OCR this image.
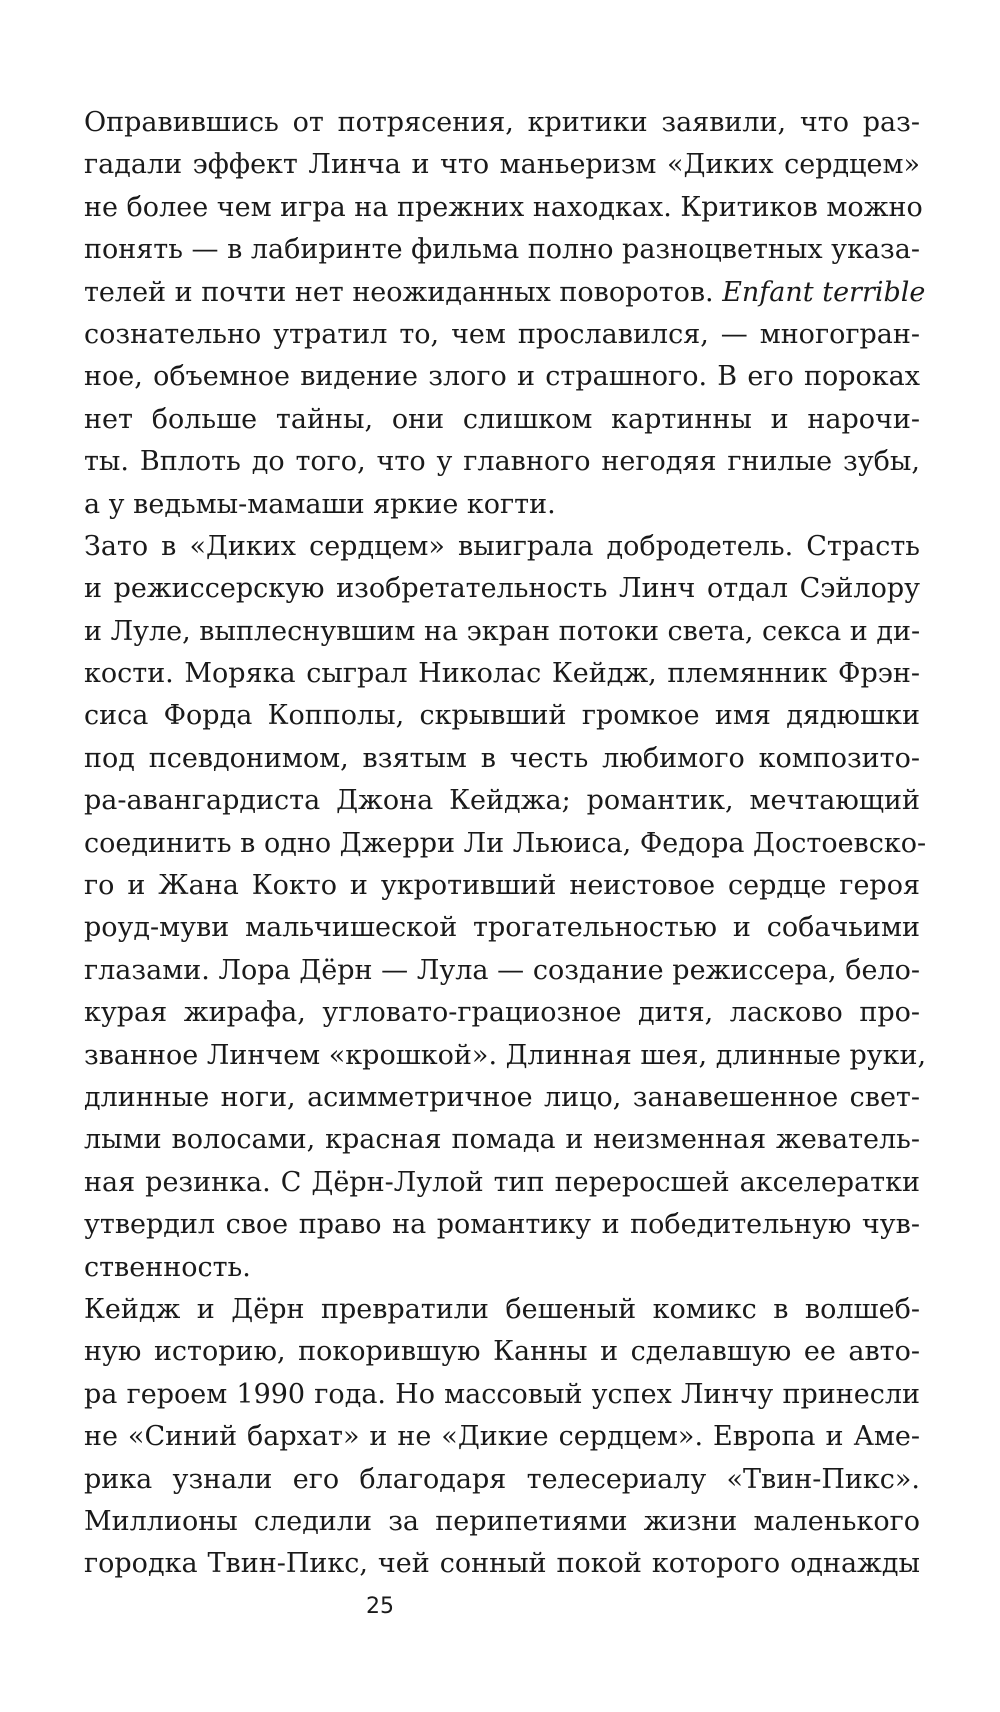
Оправившись от потрясения, критики заявили, что раз-
гадали эффект Линча и что маньеризм «Диких сердцем»
не более чем игра на прежних находках. Критиков можно
понять — в лабиринте фильма полно разноцветных указа-
телей и почти нет неожиданных поворотов. Enfant terrible
сознательно утратил то, чем прославился, — многогран-
ное, объемное видение злого и страшного. В его пороках
нет больше тайны, они слишком картинны и нарочи-
ты. Вплоть до того, что у главного негодяя гнилые зубы,
а у ведьмы-мамаши яркие когти.
Зато в «Диких сердцем» выиграла добродетель. Страсть
и режиссерскую изобретательность Линч отдал Сэйлору
и Луле, выплеснувшим на экран потоки света, секса и ди-
кости. Моряка сыграл Николас Кейдж, племянник Фрэн-
сиса Форда Копполы, скрывший громкое имя дядюшки
под псевдонимом, взятым в честь любимого композито-
ра-авангардиста Джона Кейджа; романтик, мечтающий
соединить в одно Джерри Ли Льюиса, Федора Достоевско-
го и Жана Кокто и укротивший неистовое сердце героя
роуд-муви мальчишеской трогательностью и собачьими
глазами. Лора Дёрн — Лула — создание режиссера, бело-
курая жирафа, угловато-грациозное дитя, ласково про-
званное Линчем «крошкой». Длинная шея, длинные руки,
длинные ноги, асимметричное лицо, занавешенное свет-
лыми волосами, красная помада и неизменная жеватель-
ная резинка. С Дёрн-Лулой тип переросшей акселератки
утвердил свое право на романтику и победительную чув-
ственность.
Кейдж и Дёрн превратили бешеный комикс в волшеб-
ную историю, покорившую Канны и сделавшую ее авто-
ра героем 1990 года. Но массовый успех Линчу принесли
не «Синий бархат» и не «Дикие сердцем». Европа и Аме-
рика узнали его благодаря телесериалу «Твин-Пикс».
Миллионы следили за перипетиями жизни маленького
городка Твин-Пикс, чей сонный покой которого однажды
25
